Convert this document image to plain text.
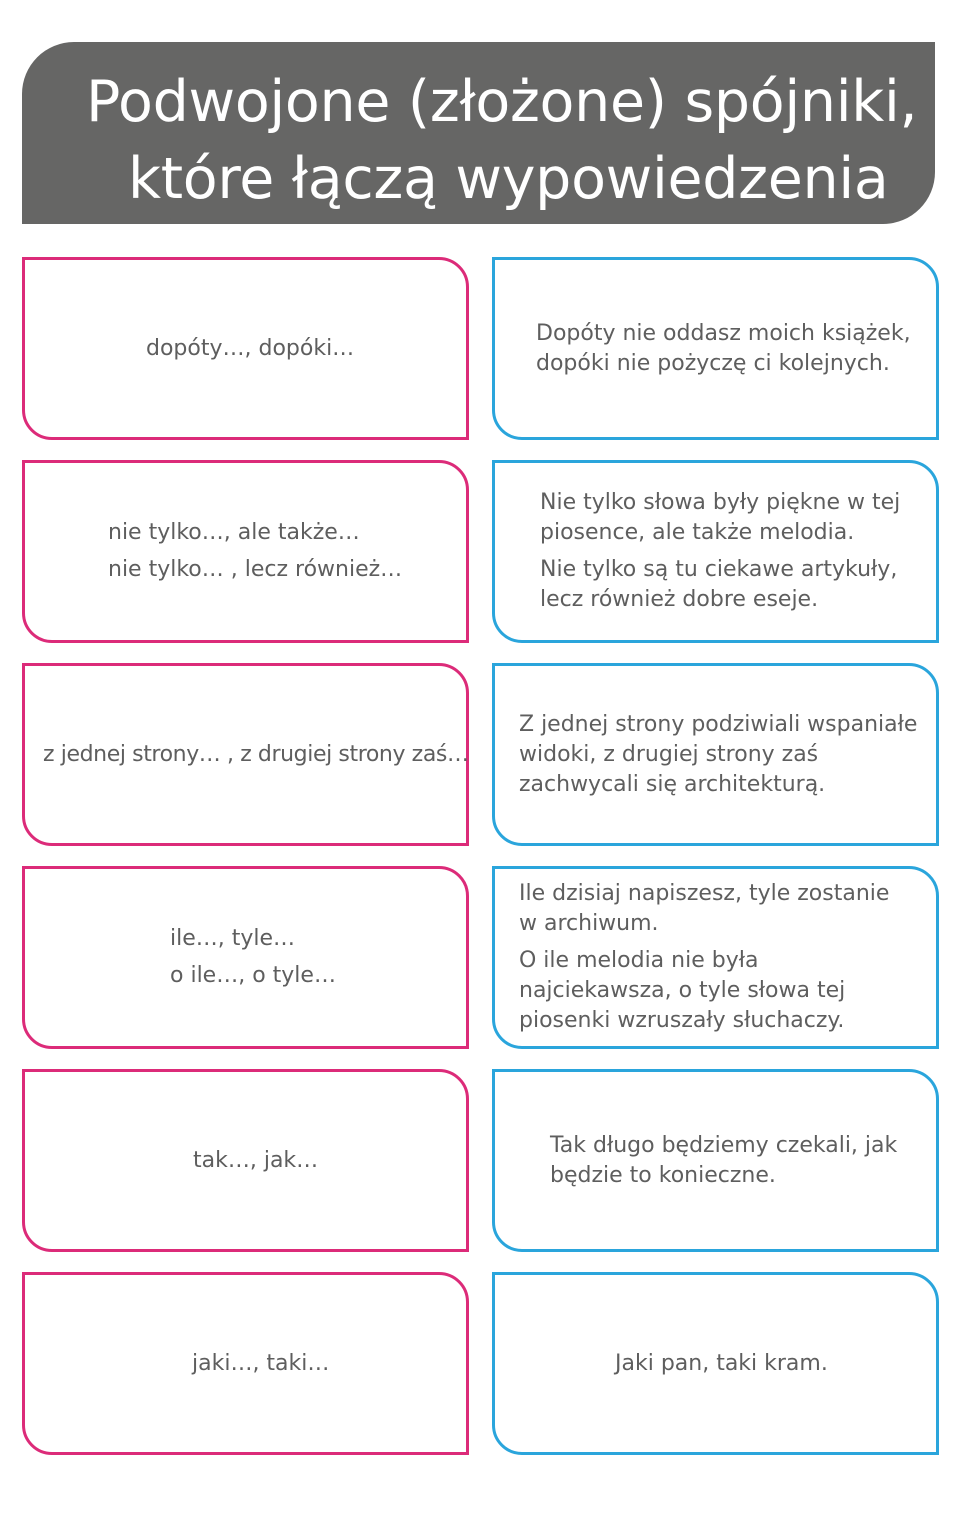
Podwojone (złożone) spójniki,
które łączą wypowiedzenia

dopóty…, dopóki…

Dopóty nie oddasz moich książek, dopóki nie pożyczę ci kolejnych.

nie tylko…, ale także…

nie tylko… , lecz również…

Nie tylko słowa były piękne w tej piosence, ale także melodia.

Nie tylko są tu ciekawe artykuły, lecz również dobre eseje.

z jednej strony… , z drugiej strony zaś…

Z jednej strony podziwiali wspaniałe widoki, z drugiej strony zaś zachwycali się architekturą.

ile…, tyle…

o ile…, o tyle…

Ile dzisiaj napiszesz, tyle zostanie w archiwum.

O ile melodia nie była najciekawsza, o tyle słowa tej piosenki wzruszały słuchaczy.

tak…, jak…

Tak długo będziemy czekali, jak będzie to konieczne.

jaki…, taki…	Jaki pan, taki kram.
